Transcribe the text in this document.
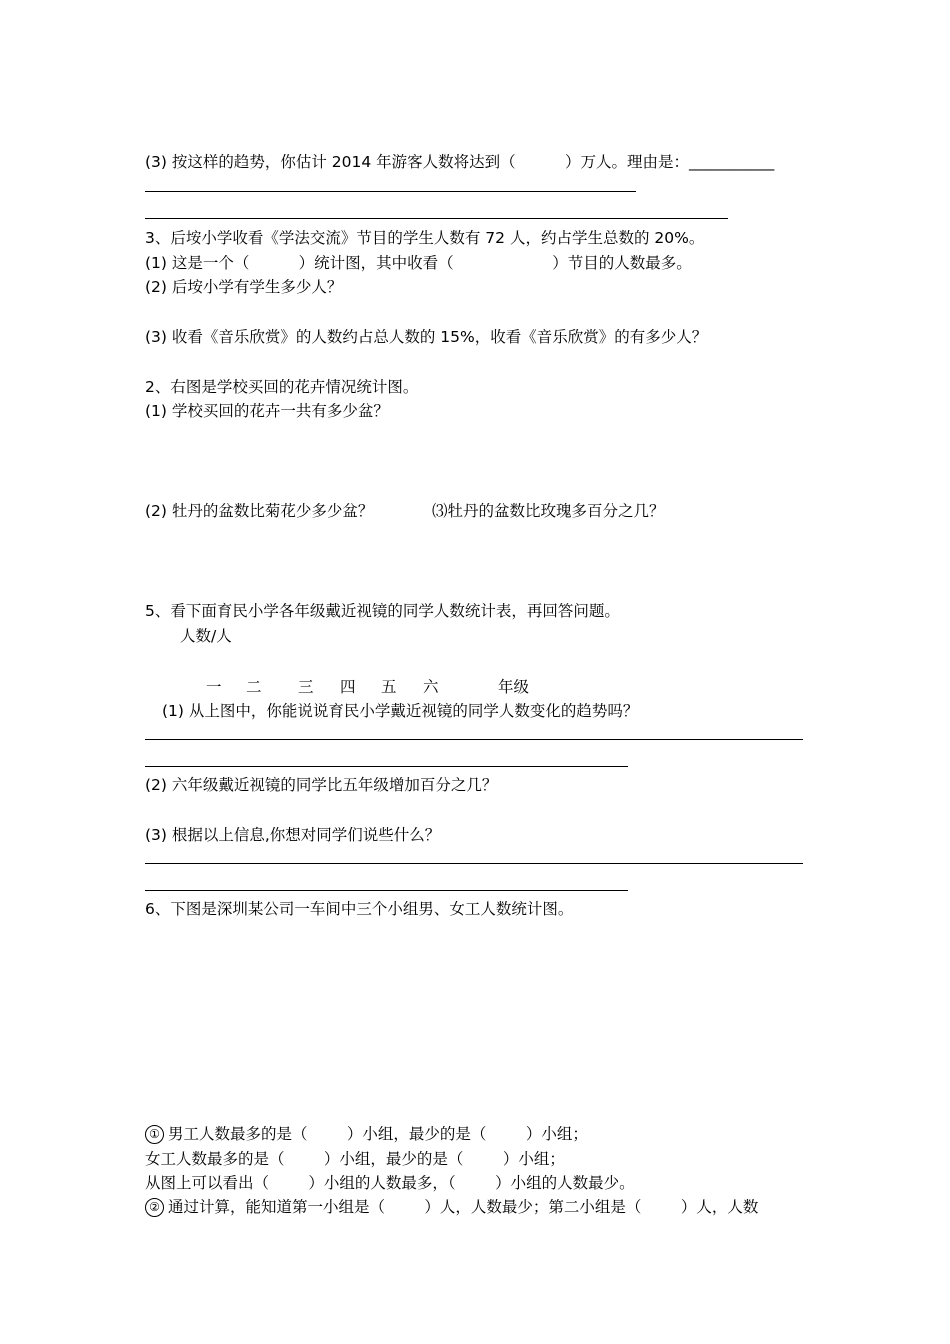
(3) 按这样的趋势，你估计 2014 年游客人数将达到（          ）万人。理由是：___________
3、后垵小学收看《学法交流》节目的学生人数有 72 人，约占学生总数的 20%。
(1) 这是一个（          ）统计图，其中收看（                    ）节目的人数最多。
(2) 后垵小学有学生多少人？
(3) 收看《音乐欣赏》的人数约占总人数的 15%，收看《音乐欣赏》的有多少人？
2、右图是学校买回的花卉情况统计图。
(1) 学校买回的花卉一共有多少盆？
(2) 牡丹的盆数比菊花少多少盆？	⑶牡丹的盆数比玫瑰多百分之几？
5、看下面育民小学各年级戴近视镜的同学人数统计表，再回答问题。
人数/人
一 二 三 四 五 六	年级
(1) 从上图中，你能说说育民小学戴近视镜的同学人数变化的趋势吗？
(2) 六年级戴近视镜的同学比五年级增加百分之几？
(3) 根据以上信息,你想对同学们说些什么？
6、下图是深圳某公司一车间中三个小组男、女工人数统计图。
① 男工人数最多的是（        ）小组，最少的是（        ）小组；
女工人数最多的是（        ）小组，最少的是（        ）小组；
从图上可以看出（        ）小组的人数最多，（        ）小组的人数最少。
② 通过计算，能知道第一小组是（        ）人，人数最少；第二小组是（        ）人，人数
